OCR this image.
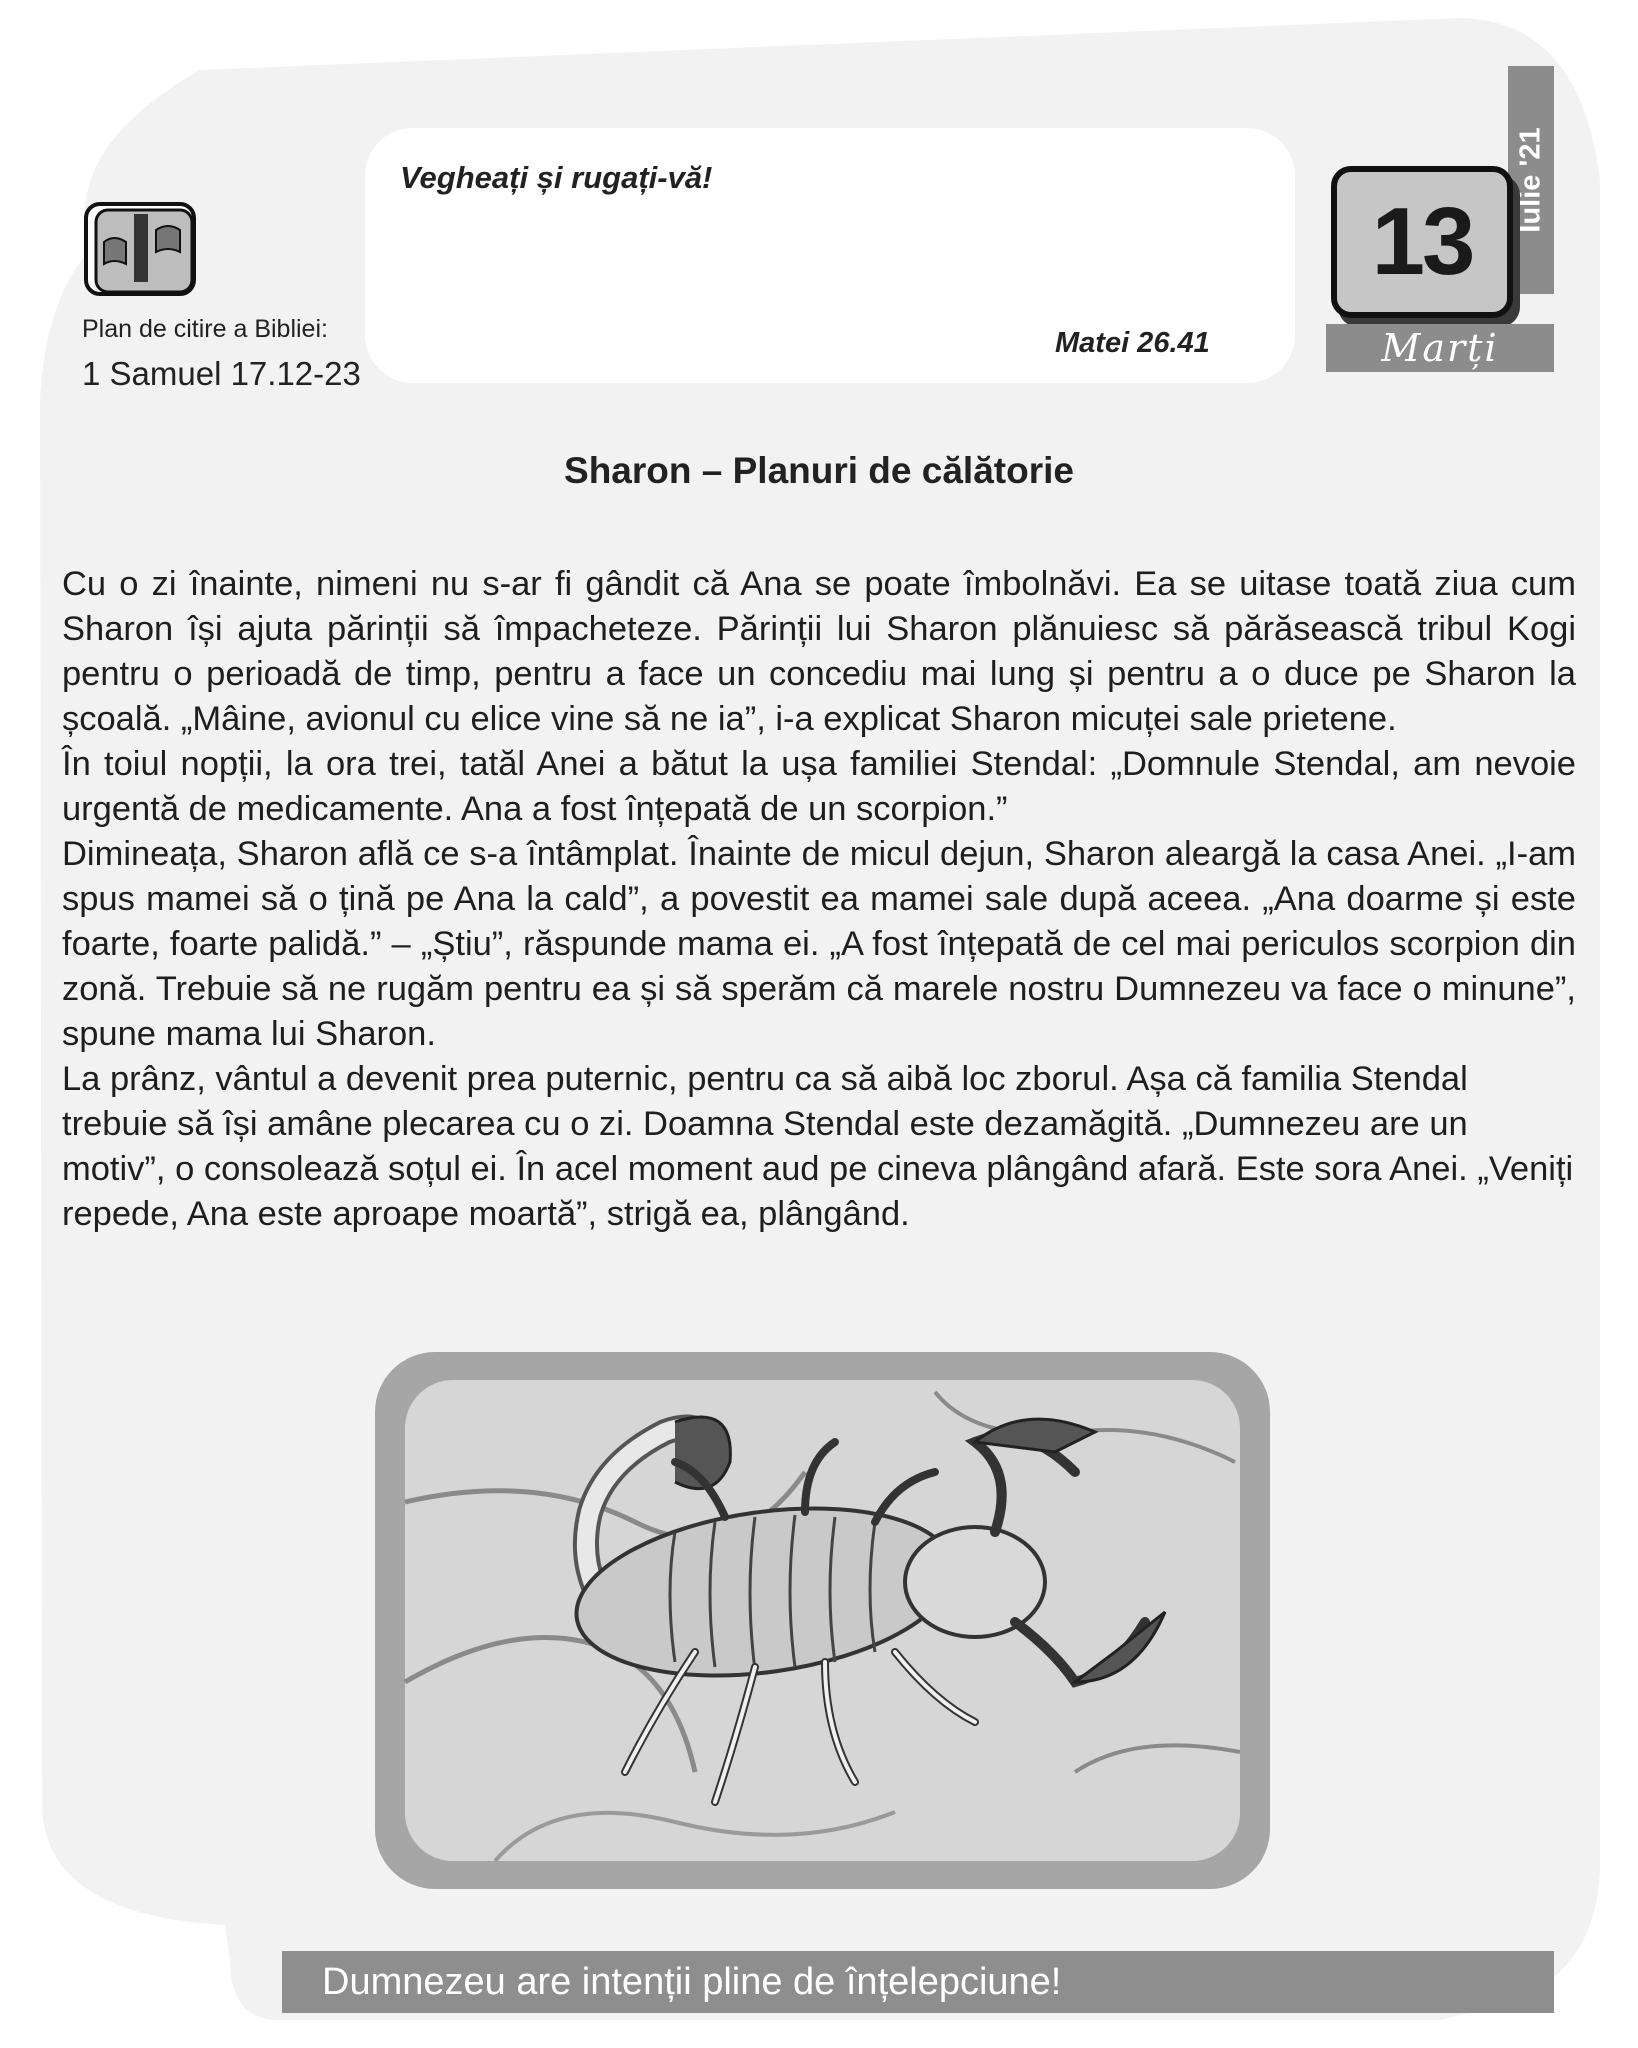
Vegheați și rugați-vă!
Matei 26.41
Plan de citire a Bibliei:
1 Samuel 17.12-23
Iulie '21
13
Marți
Sharon – Planuri de călătorie

Cu o zi înainte, nimeni nu s-ar fi gândit că Ana se poate îmbolnăvi. Ea se uitase toată ziua cum Sharon își ajuta părinții să împacheteze. Părinții lui Sharon plănuiesc să părăsească tribul Kogi pentru o perioadă de timp, pentru a face un concediu mai lung și pentru a o duce pe Sharon la școală. „Mâine, avionul cu elice vine să ne ia”, i-a explicat Sharon micuței sale prietene.

În toiul nopții, la ora trei, tatăl Anei a bătut la ușa familiei Stendal: „Domnule Stendal, am nevoie urgentă de medicamente. Ana a fost înțepată de un scorpion.”

Dimineața, Sharon află ce s-a întâmplat. Înainte de micul dejun, Sharon aleargă la casa Anei. „I-am spus mamei să o țină pe Ana la cald”, a povestit ea mamei sale după aceea. „Ana doarme și este foarte, foarte palidă.” – „Știu”, răspunde mama ei. „A fost înțepată de cel mai periculos scorpion din zonă. Trebuie să ne rugăm pentru ea și să sperăm că marele nostru Dumnezeu va face o minune”, spune mama lui Sharon.

La prânz, vântul a devenit prea puternic, pentru ca să aibă loc zborul. Așa că familia Stendal trebuie să își amâne plecarea cu o zi. Doamna Stendal este dezamăgită. „Dumnezeu are un motiv”, o consolează soțul ei. În acel moment aud pe cineva plângând afară. Este sora Anei. „Veniți repede, Ana este aproape moartă”, strigă ea, plângând.

Dumnezeu are intenții pline de înțelepciune!
